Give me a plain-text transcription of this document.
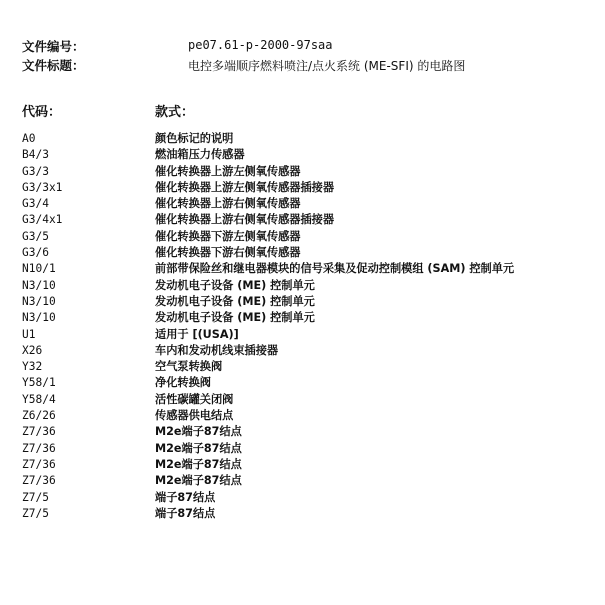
文件编号：	pe07.61-p-2000-97saa
文件标题：	电控多端顺序燃料喷注/点火系统 (ME-SFI) 的电路图
代码：	款式：
A0	颜色标记的说明
B4/3	燃油箱压力传感器
G3/3	催化转换器上游左侧氧传感器
G3/3x1	催化转换器上游左侧氧传感器插接器
G3/4	催化转换器上游右侧氧传感器
G3/4x1	催化转换器上游右侧氧传感器插接器
G3/5	催化转换器下游左侧氧传感器
G3/6	催化转换器下游右侧氧传感器
N10/1	前部带保险丝和继电器模块的信号采集及促动控制模组 (SAM) 控制单元
N3/10	发动机电子设备 (ME) 控制单元
N3/10	发动机电子设备 (ME) 控制单元
N3/10	发动机电子设备 (ME) 控制单元
U1	适用于 [(USA)]
X26	车内和发动机线束插接器
Y32	空气泵转换阀
Y58/1	净化转换阀
Y58/4	活性碳罐关闭阀
Z6/26	传感器供电结点
Z7/36	M2e端子87结点
Z7/36	M2e端子87结点
Z7/36	M2e端子87结点
Z7/36	M2e端子87结点
Z7/5	端子87结点
Z7/5	端子87结点
